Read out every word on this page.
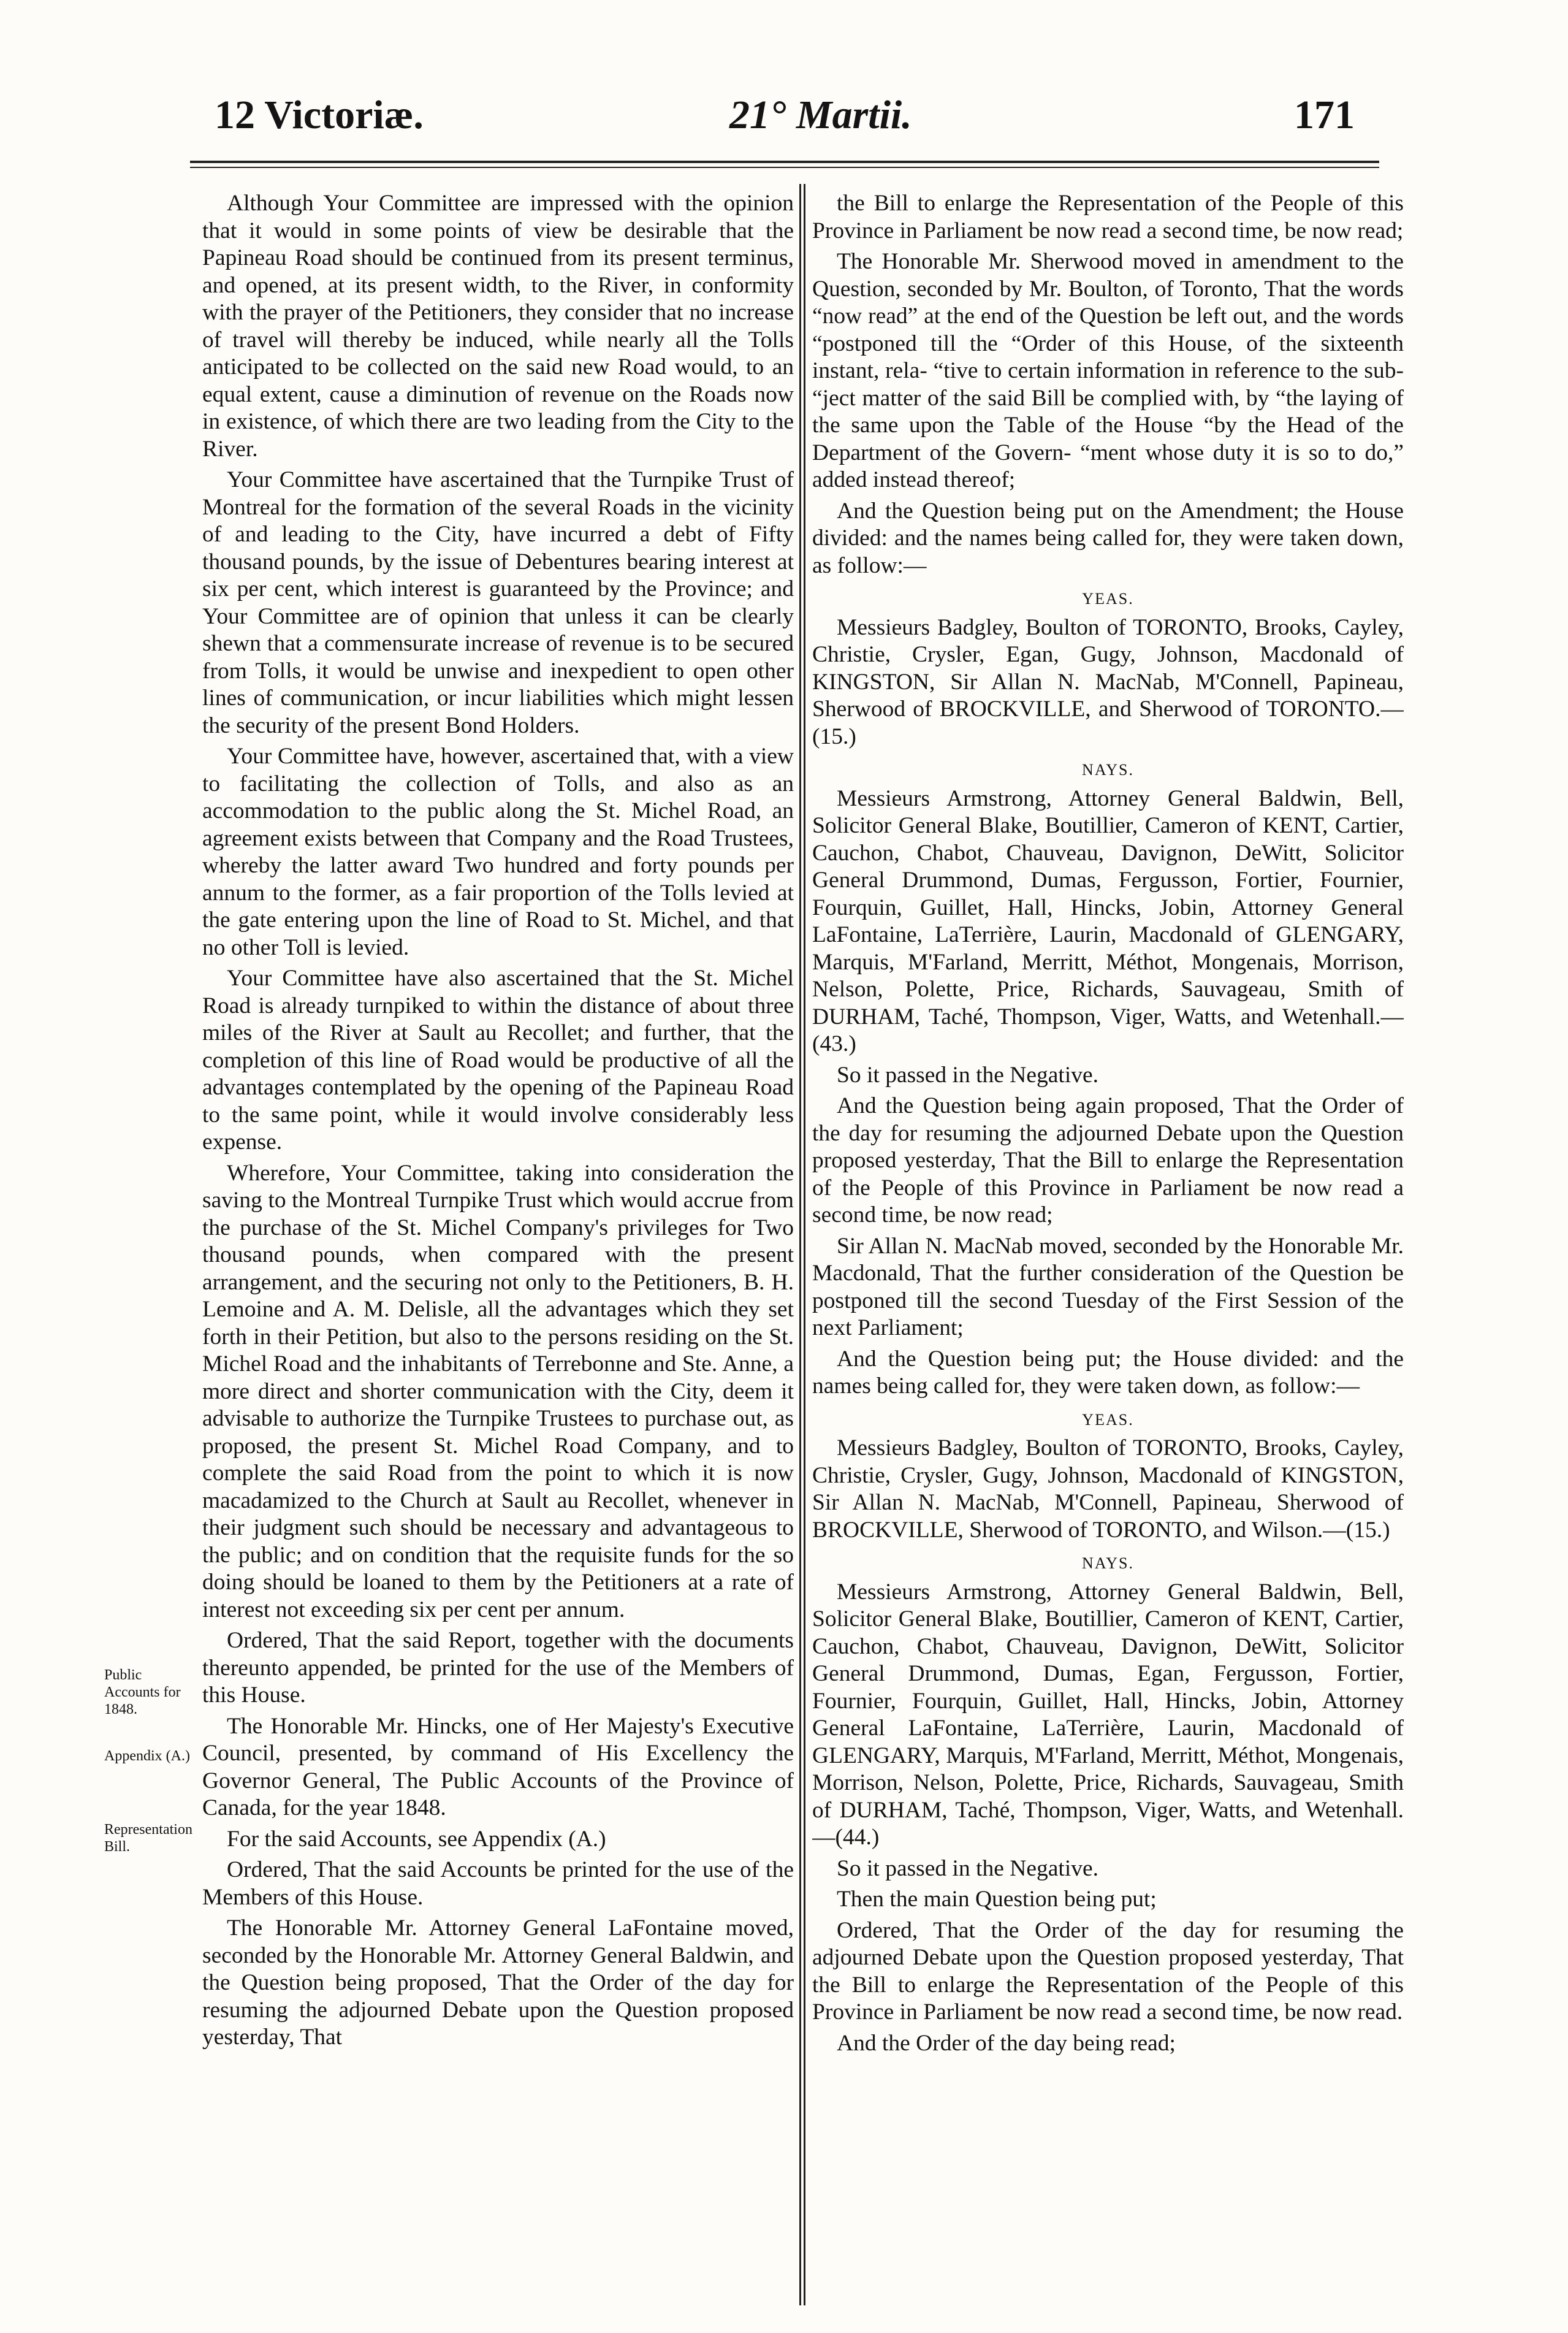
12 Victoriæ.	21° Martii.	171
Public Accounts for 1848.
Appendix (A.)
Representation Bill.

Although Your Committee are impressed with the opinion that it would in some points of view be desirable that the Papineau Road should be continued from its present terminus, and opened, at its present width, to the River, in conformity with the prayer of the Petitioners, they consider that no increase of travel will thereby be induced, while nearly all the Tolls anticipated to be collected on the said new Road would, to an equal extent, cause a diminution of revenue on the Roads now in existence, of which there are two leading from the City to the River.

Your Committee have ascertained that the Turnpike Trust of Montreal for the formation of the several Roads in the vicinity of and leading to the City, have incurred a debt of Fifty thousand pounds, by the issue of Debentures bearing interest at six per cent, which interest is guaranteed by the Province; and Your Committee are of opinion that unless it can be clearly shewn that a commensurate increase of revenue is to be secured from Tolls, it would be unwise and inexpedient to open other lines of communication, or incur liabilities which might lessen the security of the present Bond Holders.

Your Committee have, however, ascertained that, with a view to facilitating the collection of Tolls, and also as an accommodation to the public along the St. Michel Road, an agreement exists between that Company and the Road Trustees, whereby the latter award Two hundred and forty pounds per annum to the former, as a fair proportion of the Tolls levied at the gate entering upon the line of Road to St. Michel, and that no other Toll is levied.

Your Committee have also ascertained that the St. Michel Road is already turnpiked to within the distance of about three miles of the River at Sault au Recollet; and further, that the completion of this line of Road would be productive of all the advantages contemplated by the opening of the Papineau Road to the same point, while it would involve considerably less expense.

Wherefore, Your Committee, taking into consideration the saving to the Montreal Turnpike Trust which would accrue from the purchase of the St. Michel Company's privileges for Two thousand pounds, when compared with the present arrangement, and the securing not only to the Petitioners, B. H. Lemoine and A. M. Delisle, all the advantages which they set forth in their Petition, but also to the persons residing on the St. Michel Road and the inhabitants of Terrebonne and Ste. Anne, a more direct and shorter communication with the City, deem it advisable to authorize the Turnpike Trustees to purchase out, as proposed, the present St. Michel Road Company, and to complete the said Road from the point to which it is now macadamized to the Church at Sault au Recollet, whenever in their judgment such should be necessary and advantageous to the public; and on condition that the requisite funds for the so doing should be loaned to them by the Petitioners at a rate of interest not exceeding six per cent per annum.

Ordered, That the said Report, together with the documents thereunto appended, be printed for the use of the Members of this House.

The Honorable Mr. Hincks, one of Her Majesty's Executive Council, presented, by command of His Excellency the Governor General, The Public Accounts of the Province of Canada, for the year 1848.

For the said Accounts, see Appendix (A.)

Ordered, That the said Accounts be printed for the use of the Members of this House.

The Honorable Mr. Attorney General LaFontaine moved, seconded by the Honorable Mr. Attorney General Baldwin, and the Question being proposed, That the Order of the day for resuming the adjourned Debate upon the Question proposed yesterday, That

the Bill to enlarge the Representation of the People of this Province in Parliament be now read a second time, be now read;

The Honorable Mr. Sherwood moved in amendment to the Question, seconded by Mr. Boulton, of Toronto, That the words “now read” at the end of the Question be left out, and the words “postponed till the “Order of this House, of the sixteenth instant, rela- “tive to certain information in reference to the sub- “ject matter of the said Bill be complied with, by “the laying of the same upon the Table of the House “by the Head of the Department of the Govern- “ment whose duty it is so to do,” added instead thereof;

And the Question being put on the Amendment; the House divided: and the names being called for, they were taken down, as follow:—

YEAS.

Messieurs Badgley, Boulton of TORONTO, Brooks, Cayley, Christie, Crysler, Egan, Gugy, Johnson, Macdonald of KINGSTON, Sir Allan N. MacNab, M'Connell, Papineau, Sherwood of BROCKVILLE, and Sherwood of TORONTO.—(15.)

NAYS.

Messieurs Armstrong, Attorney General Baldwin, Bell, Solicitor General Blake, Boutillier, Cameron of KENT, Cartier, Cauchon, Chabot, Chauveau, Davignon, DeWitt, Solicitor General Drummond, Dumas, Fergusson, Fortier, Fournier, Fourquin, Guillet, Hall, Hincks, Jobin, Attorney General LaFontaine, LaTerrière, Laurin, Macdonald of GLENGARY, Marquis, M'Farland, Merritt, Méthot, Mongenais, Morrison, Nelson, Polette, Price, Richards, Sauvageau, Smith of DURHAM, Taché, Thompson, Viger, Watts, and Wetenhall.—(43.)

So it passed in the Negative.

And the Question being again proposed, That the Order of the day for resuming the adjourned Debate upon the Question proposed yesterday, That the Bill to enlarge the Representation of the People of this Province in Parliament be now read a second time, be now read;

Sir Allan N. MacNab moved, seconded by the Honorable Mr. Macdonald, That the further consideration of the Question be postponed till the second Tuesday of the First Session of the next Parliament;

And the Question being put; the House divided: and the names being called for, they were taken down, as follow:—

YEAS.

Messieurs Badgley, Boulton of TORONTO, Brooks, Cayley, Christie, Crysler, Gugy, Johnson, Macdonald of KINGSTON, Sir Allan N. MacNab, M'Connell, Papineau, Sherwood of BROCKVILLE, Sherwood of TORONTO, and Wilson.—(15.)

NAYS.

Messieurs Armstrong, Attorney General Baldwin, Bell, Solicitor General Blake, Boutillier, Cameron of KENT, Cartier, Cauchon, Chabot, Chauveau, Davignon, DeWitt, Solicitor General Drummond, Dumas, Egan, Fergusson, Fortier, Fournier, Fourquin, Guillet, Hall, Hincks, Jobin, Attorney General LaFontaine, LaTerrière, Laurin, Macdonald of GLENGARY, Marquis, M'Farland, Merritt, Méthot, Mongenais, Morrison, Nelson, Polette, Price, Richards, Sauvageau, Smith of DURHAM, Taché, Thompson, Viger, Watts, and Wetenhall.—(44.)

So it passed in the Negative.

Then the main Question being put;

Ordered, That the Order of the day for resuming the adjourned Debate upon the Question proposed yesterday, That the Bill to enlarge the Representation of the People of this Province in Parliament be now read a second time, be now read.

And the Order of the day being read;
